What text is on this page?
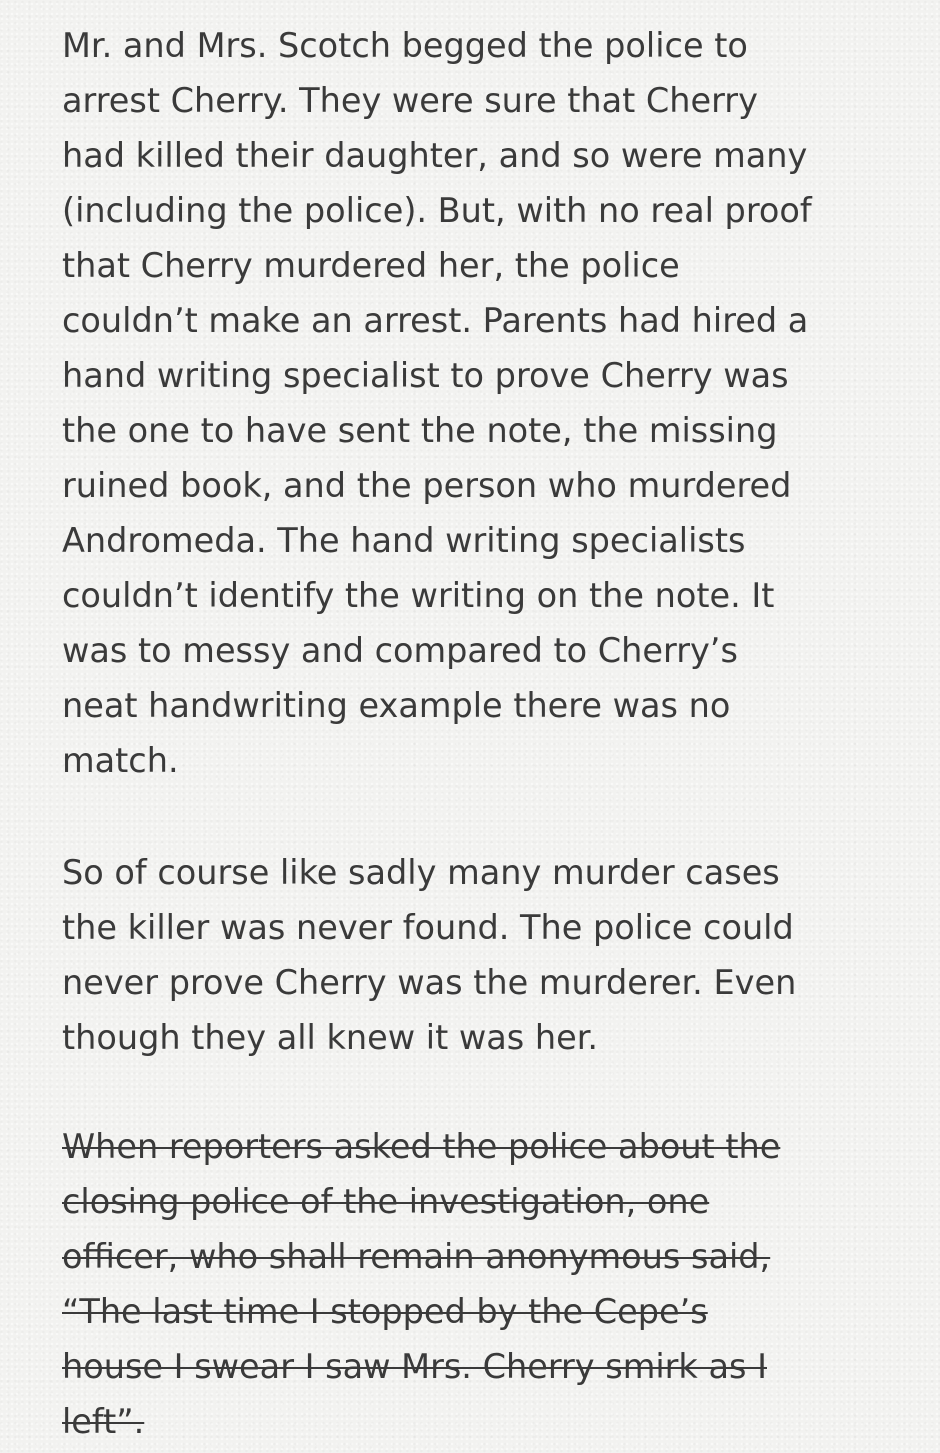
Mr. and Mrs. Scotch begged the police to
arrest Cherry. They were sure that Cherry
had killed their daughter, and so were many
(including the police). But, with no real proof
that Cherry murdered her, the police
couldn’t make an arrest. Parents had hired a
hand writing specialist to prove Cherry was
the one to have sent the note, the missing
ruined book, and the person who murdered
Andromeda. The hand writing specialists
couldn’t identify the writing on the note. It
was to messy and compared to Cherry’s
neat handwriting example there was no
match.
So of course like sadly many murder cases
the killer was never found. The police could
never prove Cherry was the murderer. Even
though they all knew it was her.
When reporters asked the police about the
closing police of the investigation, one
officer, who shall remain anonymous said,
“The last time I stopped by the Cepe’s
house I swear I saw Mrs. Cherry smirk as I
left”.
